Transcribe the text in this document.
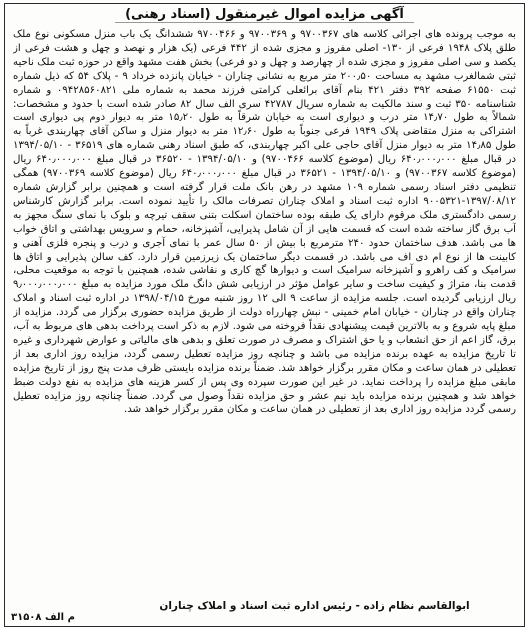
آگهی مزایده اموال غیرمنقول (اسناد رهنی)

به موجب پرونده های اجرائی کلاسه های ۹۷۰۰۳۶۷ و ۹۷۰۰۳۶۹ و ۹۷۰۰۴۶۶ ششدانگ یک باب منزل مسکونی نوع ملک طلق پلاک ۱۹۴۸ فرعی از ۱۳۰- اصلی مفروز و مجزی شده از ۴۴۲ فرعی (یک هزار و نهصد و چهل و هشت فرعی از یکصد و سی اصلی مفروز و مجزی شده از چهارصد و چهل و دو فرعی) بخش هفت مشهد واقع در حوزه ثبت ملک ناحیه ثبتی شمالغرب مشهد به مساحت ۲۰۰٫۵۰ متر مربع به نشانی چناران - خیابان پانزده خرداد ۹ - پلاک ۵۴ که ذیل شماره ثبت ۶۱۵۵۰ صفحه ۳۹۲ دفتر ۴۲۱ بنام آقای برائعلی کرامتی فرزند محمد به شماره ملی ۰۹۴۲۸۵۶۰۸۲۱ و شماره شناسنامه ۳۵۰ ثبت و سند مالکیت به شماره سریال ۴۲۷۸۷ سری الف سال ۸۲ صادر شده است با حدود و مشخصات: شمالاً به طول ۱۴٫۷۰ متر درب و دیواری است به خیابان شرقاً به طول ۱۵٫۲۰ متر به دیوار دوم پی دیواری است اشتراکی به منزل متقاضی پلاک ۱۹۴۹ فرعی جنوباً به طول ۱۲٫۶۰ متر به دیوار منزل و ساکن آقای چهاربندی غرباً به طول ۱۴٫۸۵ متر به دیوار منزل آقای حاجی علی اکبر چهاربندی، که طبق اسناد رهنی شماره های ۳۶۵۱۹ - ۱۳۹۴/۰۵/۱۰ در قبال مبلغ ۶۴۰٫۰۰۰٫۰۰۰ ریال (موضوع کلاسه ۹۷۰۰۴۶۶) و ۱۳۹۴/۰۵/۱۰ - ۳۶۵۲۰ در قبال مبلغ ۶۴۰٫۰۰۰٫۰۰۰ ریال (موضوع کلاسه ۹۷۰۰۳۶۷) و ۱۳۹۴/۰۵/۱۰ - ۳۶۵۲۱ در قبال مبلغ ۶۴۰٫۰۰۰٫۰۰۰ ریال (موضوع کلاسه ۹۷۰۰۳۶۹) همگی تنظیمی دفتر اسناد رسمی شماره ۱۰۹ مشهد در رهن بانک ملت قرار گرفته است و همچنین برابر گزارش شماره ۱۳۹۷/۰۸/۱۲-۹۰۰۵۳۲۱ اداره ثبت اسناد و املاک چناران تصرفات مالک را تأیید نموده است. برابر گزارش کارشناس رسمی دادگستری ملک مرقوم دارای یک طبقه بوده ساختمان اسکلت بتنی سقف تیرچه و بلوک با نمای سنگ مجهز به آب برق گاز ساخته شده است که قسمت هایی از آن شامل پذیرایی، آشپزخانه، حمام و سرویس بهداشتی و اتاق خواب ها می باشد. هدف ساختمان حدود ۲۴۰ مترمربع با بیش از ۵۰ سال عمر با نمای آجری و درب و پنجره فلزی آهنی و کابینت ها از نوع ام دی اف می باشد. در قسمت دیگر ساختمان یک زیرزمین قرار دارد. کف سالن پذیرایی و اتاق ها سرامیک و کف راهرو و آشپزخانه سرامیک است و دیوارها گچ کاری و نقاشی شده، همچنین با توجه به موقعیت محلی، قدمت بنا، متراژ و کیفیت ساخت و سایر عوامل مؤثر در ارزیابی شش دانگ ملک مورد مزایده به مبلغ ۹٫۰۰۰٫۰۰۰٫۰۰۰ ریال ارزیابی گردیده است. جلسه مزایده از ساعت ۹ الی ۱۲ روز شنبه مورخ ۱۳۹۸/۰۴/۱۵ در اداره ثبت اسناد و املاک چناران واقع در چناران - خیابان امام خمینی - نبش چهارراه دولت از طریق مزایده حضوری برگزار می گردد. مزایده از مبلغ پایه شروع و به بالاترین قیمت پیشنهادی نقداً فروخته می شود. لازم به ذکر است پرداخت بدهی های مربوط به آب، برق، گاز اعم از حق انشعاب و یا حق اشتراک و مصرف در صورت تعلق و بدهی های مالیاتی و عوارض شهرداری و غیره تا تاریخ مزایده به عهده برنده مزایده می باشد و چنانچه روز مزایده تعطیل رسمی گردد، مزایده روز اداری بعد از تعطیلی در همان ساعت و مکان مقرر برگزار خواهد شد. ضمناً برنده مزایده بایستی ظرف مدت پنج روز از تاریخ مزایده مابقی مبلغ مزایده را پرداخت نماید. در غیر این صورت سپرده وی پس از کسر هزینه های مزایده به نفع دولت ضبط خواهد شد و همچنین برنده مزایده باید نیم عشر و حق مزایده نقداً وصول می گردد. ضمناً چنانچه روز مزایده تعطیل رسمی گردد مزایده روز اداری بعد از تعطیلی در همان ساعت و مکان مقرر برگزار خواهد شد.

ابوالقاسم نظام زاده - رئیس اداره ثبت اسناد و املاک چناران
م الف ۳۱۵۰۸
